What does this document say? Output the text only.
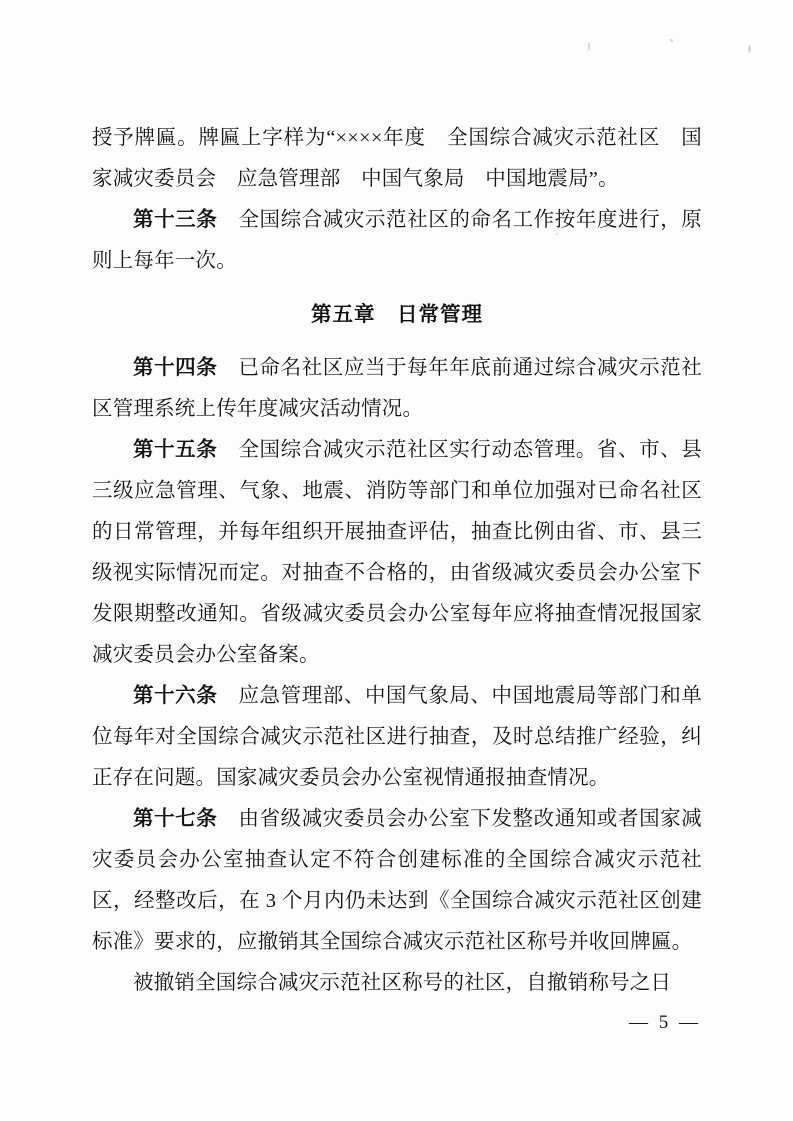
授予牌匾。牌匾上字样为“××××年度　全国综合减灾示范社区　国家减灾委员会　应急管理部　中国气象局　中国地震局”。

第十三条　全国综合减灾示范社区的命名工作按年度进行，原则上每年一次。

第五章　日常管理

第十四条　已命名社区应当于每年年底前通过综合减灾示范社区管理系统上传年度减灾活动情况。

第十五条　全国综合减灾示范社区实行动态管理。省、市、县三级应急管理、气象、地震、消防等部门和单位加强对已命名社区的日常管理，并每年组织开展抽查评估，抽查比例由省、市、县三级视实际情况而定。对抽查不合格的，由省级减灾委员会办公室下发限期整改通知。省级减灾委员会办公室每年应将抽查情况报国家减灾委员会办公室备案。

第十六条　应急管理部、中国气象局、中国地震局等部门和单位每年对全国综合减灾示范社区进行抽查，及时总结推广经验，纠正存在问题。国家减灾委员会办公室视情通报抽查情况。

第十七条　由省级减灾委员会办公室下发整改通知或者国家减灾委员会办公室抽查认定不符合创建标准的全国综合减灾示范社区，经整改后，在 3 个月内仍未达到《全国综合减灾示范社区创建标准》要求的，应撤销其全国综合减灾示范社区称号并收回牌匾。

被撤销全国综合减灾示范社区称号的社区，自撤销称号之日

— 5 —
